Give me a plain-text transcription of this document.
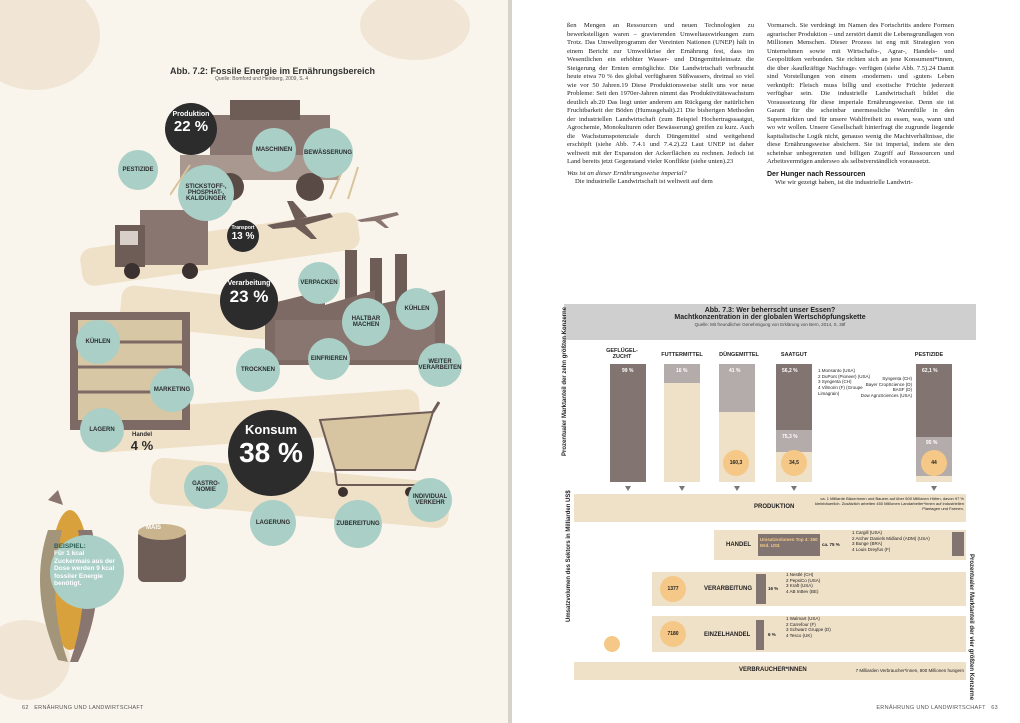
Abb. 7.2: Fossile Energie im Ernährungsbereich
Quelle: Bomford und Heinberg, 2009, S. 4
MAIS
PESTIZIDE
STICKSTOFF-, PHOSPHAT-, KALIDÜNGER
MASCHINEN	BEWÄSSERUNG
VERPACKEN
HALTBAR MACHEN
KÜHLEN
TROCKNEN
EINFRIEREN	WEITER VERARBEITEN
KÜHLEN
MARKETING
LAGERN
GASTRO-NOMIE
LAGERUNG	ZUBEREITUNG
INDIVIDUAL VERKEHR
Produktion
22 %
Transport
13 %
Verarbeitung
23 %
Konsum
38 %
Handel
4 %
BEISPIEL:
Für 1 kcal Zuckermais aus der Dose werden 9 kcal fossiler Energie benötigt.
62 ERNÄHRUNG UND LANDWIRTSCHAFT

ßen Mengen an Ressourcen und neuen Technologien zu bewerkstelligen waren – gravierenden Umweltauswirkungen zum Trotz. Das Umweltprogramm der Vereinten Nationen (UNEP) hält in einem Bericht zur Umweltkrise der Ernährung fest, dass im Wesentlichen ein erhöhter Wasser- und Düngemitteleinsatz die Steigerung der Ernten ermöglichte. Die Landwirtschaft verbraucht heute etwa 70 % des global verfügbaren Süßwassers, dreimal so viel wie vor 50 Jahren.19 Diese Produktionsweise stellt uns vor neue Probleme: Seit den 1970er-Jahren nimmt das Produktivitätswachstum deutlich ab.20 Das liegt unter anderem am Rückgang der natürlichen Fruchtbarkeit der Böden (Humusgehalt).21 Die bisherigen Methoden der industriellen Landwirtschaft (zum Beispiel Hochertragssaatgut, Agrochemie, Monokulturen oder Bewässerung) greifen zu kurz. Auch die Wachstumspotenziale durch Düngemittel sind weitgehend erschöpft (siehe Abb. 7.4.1 und 7.4.2).22 Laut UNEP ist daher weltweit mit der Expansion der Ackerflächen zu rechnen. Jedoch ist Land bereits jetzt Gegenstand vieler Konflikte (siehe unten).23

Was ist an dieser Ernährungsweise imperial?

Die industrielle Landwirtschaft ist weltweit auf dem

Vormarsch. Sie verdrängt im Namen des Fortschritts andere Formen agrarischer Produktion – und zerstört damit die Lebensgrundlagen von Millionen Menschen. Dieser Prozess ist eng mit Strategien von Unternehmen sowie mit Wirtschafts-, Agrar-, Handels- und Geopolitiken verbunden. Sie richten sich an jene Konsument*innen, die über ›kaufkräftige Nachfrage‹ verfügen (siehe Abb. 7.5).24 Damit sind Vorstellungen von einem ›modernen‹ und ›guten‹ Leben verknüpft: Fleisch muss billig und exotische Früchte jederzeit verfügbar sein. Die industrielle Landwirtschaft bildet die Voraussetzung für diese imperiale Ernährungsweise. Denn sie ist Garant für die scheinbar unermessliche Warenfülle in den Supermärkten und für unsere Wahlfreiheit zu essen, was, wann und wo wir wollen. Unsere Gesellschaft hinterfragt die zugrunde liegende kapitalistische Logik nicht, genauso wenig die Machtverhältnisse, die diese Ernährungsweise absichern. Sie ist imperial, indem sie den scheinbar unbegrenzten und billigen Zugriff auf Ressourcen und Arbeitsvermögen anderswo als selbstverständlich voraussetzt.

Der Hunger nach Ressourcen

Wie wir gezeigt haben, ist die industrielle Landwirt-

Abb. 7.3: Wer beherrscht unser Essen?
Machtkonzentration in der globalen Wertschöpfungskette
Quelle: Mit freundlicher Genehmigung von Erklärung von Bern, 2014, S. 38f
Prozentualer Marktanteil der zehn größten Konzerne
Umsatzvolumen des Sektors in Milliarden US$	Prozentualer Marktanteil der vier größten Konzerne
GEFLÜGEL-ZUCHT	FUTTERMITTEL	DÜNGEMITTEL	SAATGUT	PESTIZIDE
99 %	16 %	41 %
160,3
56,2 %
75,3 %
34,5
62,1 %
95 %
44
1 Monsanto (USA)
2 DuPont (Pioneer) (USA)
3 Syngenta (CH)
4 Vilmorin (F) (Groupe Limagrain)
Syngenta (CH)
Bayer CropScience (D)
BASF (D)
Dow AgroSciences (USA)
PRODUKTION
ca. 1 Milliarde Bäuerinnen und Bauern auf über 500 Millionen Höfen, davon 97 % kleinbäuerlich. Zusätzlich arbeiten 450 Millionen Landarbeiter*innen auf industriellen Plantagen und Farmen.
HANDEL
Umsatzvolumen Top 4: 350 Mrd. US$	ca. 75 %
1 Cargill (USA)
2 Archer Daniels Midland (ADM) (USA)
3 Bunge (BRA)
4 Louis Dreyfus (F)
1377	VERARBEITUNG	16 %
1 Nestlé (CH)
2 PepsiCo (USA)
3 Kraft (USA)
4 AB InBev (BE)
7180	EINZELHANDEL	6 %
1 Walmart (USA)
2 Carrefour (F)
3 Schwarz Gruppe (D)
4 Tesco (UK)
VERBRAUCHER*INNEN	7 Milliarden Verbraucher*innen, 800 Millionen hungern
ERNÄHRUNG UND LANDWIRTSCHAFT 63
